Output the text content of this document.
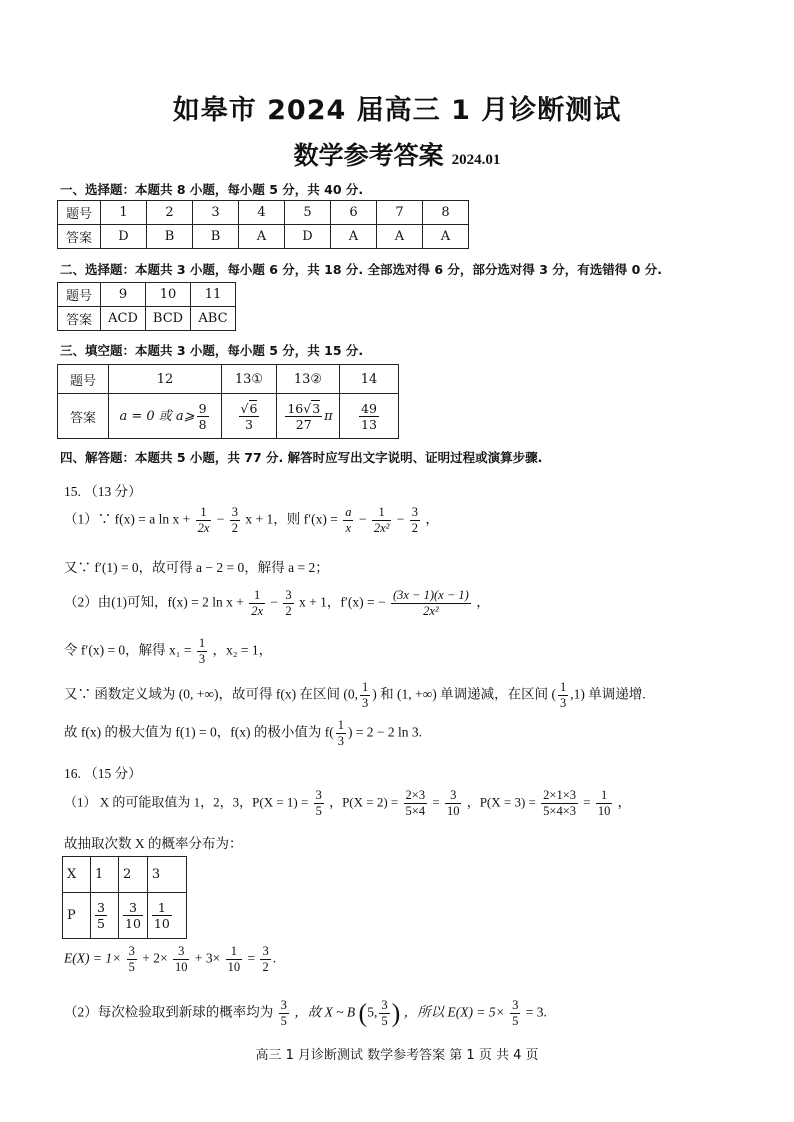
如皋市 2024 届高三 1 月诊断测试
数学参考答案 2024.01
一、选择题：本题共 8 小题，每小题 5 分，共 40 分.
题号	1	2	3	4	5	6	7	8
答案	D	B	B	A	D	A	A	A
二、选择题：本题共 3 小题，每小题 6 分，共 18 分. 全部选对得 6 分，部分选对得 3 分，有选错得 0 分.
题号	9	10	11
答案	ACD	BCD	ABC
三、填空题：本题共 3 小题，每小题 5 分，共 15 分.
题号	12	13①	13②	14
答案	a = 0 或 a⩾ $\frac{9}{8}$	$\frac{√6}{3}$	$\frac{16√3}{27}$ π	$\frac{49}{13}$
四、解答题：本题共 5 小题，共 77 分. 解答时应写出文字说明、证明过程或演算步骤.
15. （13 分）
（1）∵ f(x) = a $\ln x + \frac{1}{2x} - \frac{3}{2}$ x + 1，则 $f'(x) = \frac{a}{x} - \frac{1}{\text{2x²}} - \frac{3}{2}$ ，
又∵ f′(1) = 0，故可得 a − 2 = 0，解得 a = 2；
（2）由(1)可知，f(x) = 2 $\ln x + \frac{1}{2x} - \frac{3}{2}$ x + 1，f′(x) = − $\frac{(3x - 1)(x - 1)}{\text{2x²}}$ ，
令 f′(x) = 0，解得 $x_1 = \frac{1}{3}$ ，x₂ = 1，
又∵ 函数定义域为 (0, +∞)，故可得 f(x) 在区间 (0, $\frac{1}{3}$ ) 和 (1, +∞) 单调递减，在区间 ( $\frac{1}{3} ,1$) 单调递增.
故 f(x) 的极大值为 f(1) = 0，f(x) 的极小值为 $f( \frac{1}{3}$ ) = 2 − 2 ln 3.
16. （15 分）
（1） X 的可能取值为 1，2，3，$P(X = 1) = \frac{3}{5}$ ，$P(X = 2) = \frac{2\times 3}{5\times 4} = \frac{3}{10}$ ，$P(X = 3) = \frac{2\times 1\times 3}{5\times 4\times 3} = \frac{1}{10}$ ，
故抽取次数 X 的概率分布为：
X	1	2	3
P	$\frac{3}{5}$	$\frac{3}{10}$	$\frac{1}{10}$
$E(X) = 1\times \frac{3}{5} + 2\times \frac{3}{10} + 3\times \frac{1}{10} = \frac{3}{2}$ .
（2）每次检验取到新球的概率均为 $\frac{3}{5}$ ，故 X ~ B (5, $\frac{3}{5}$ ) ，所以 $E(X) = 5\times \frac{3}{5} = 3$.
高三 1 月诊断测试 数学参考答案 第 1 页 共 4 页
